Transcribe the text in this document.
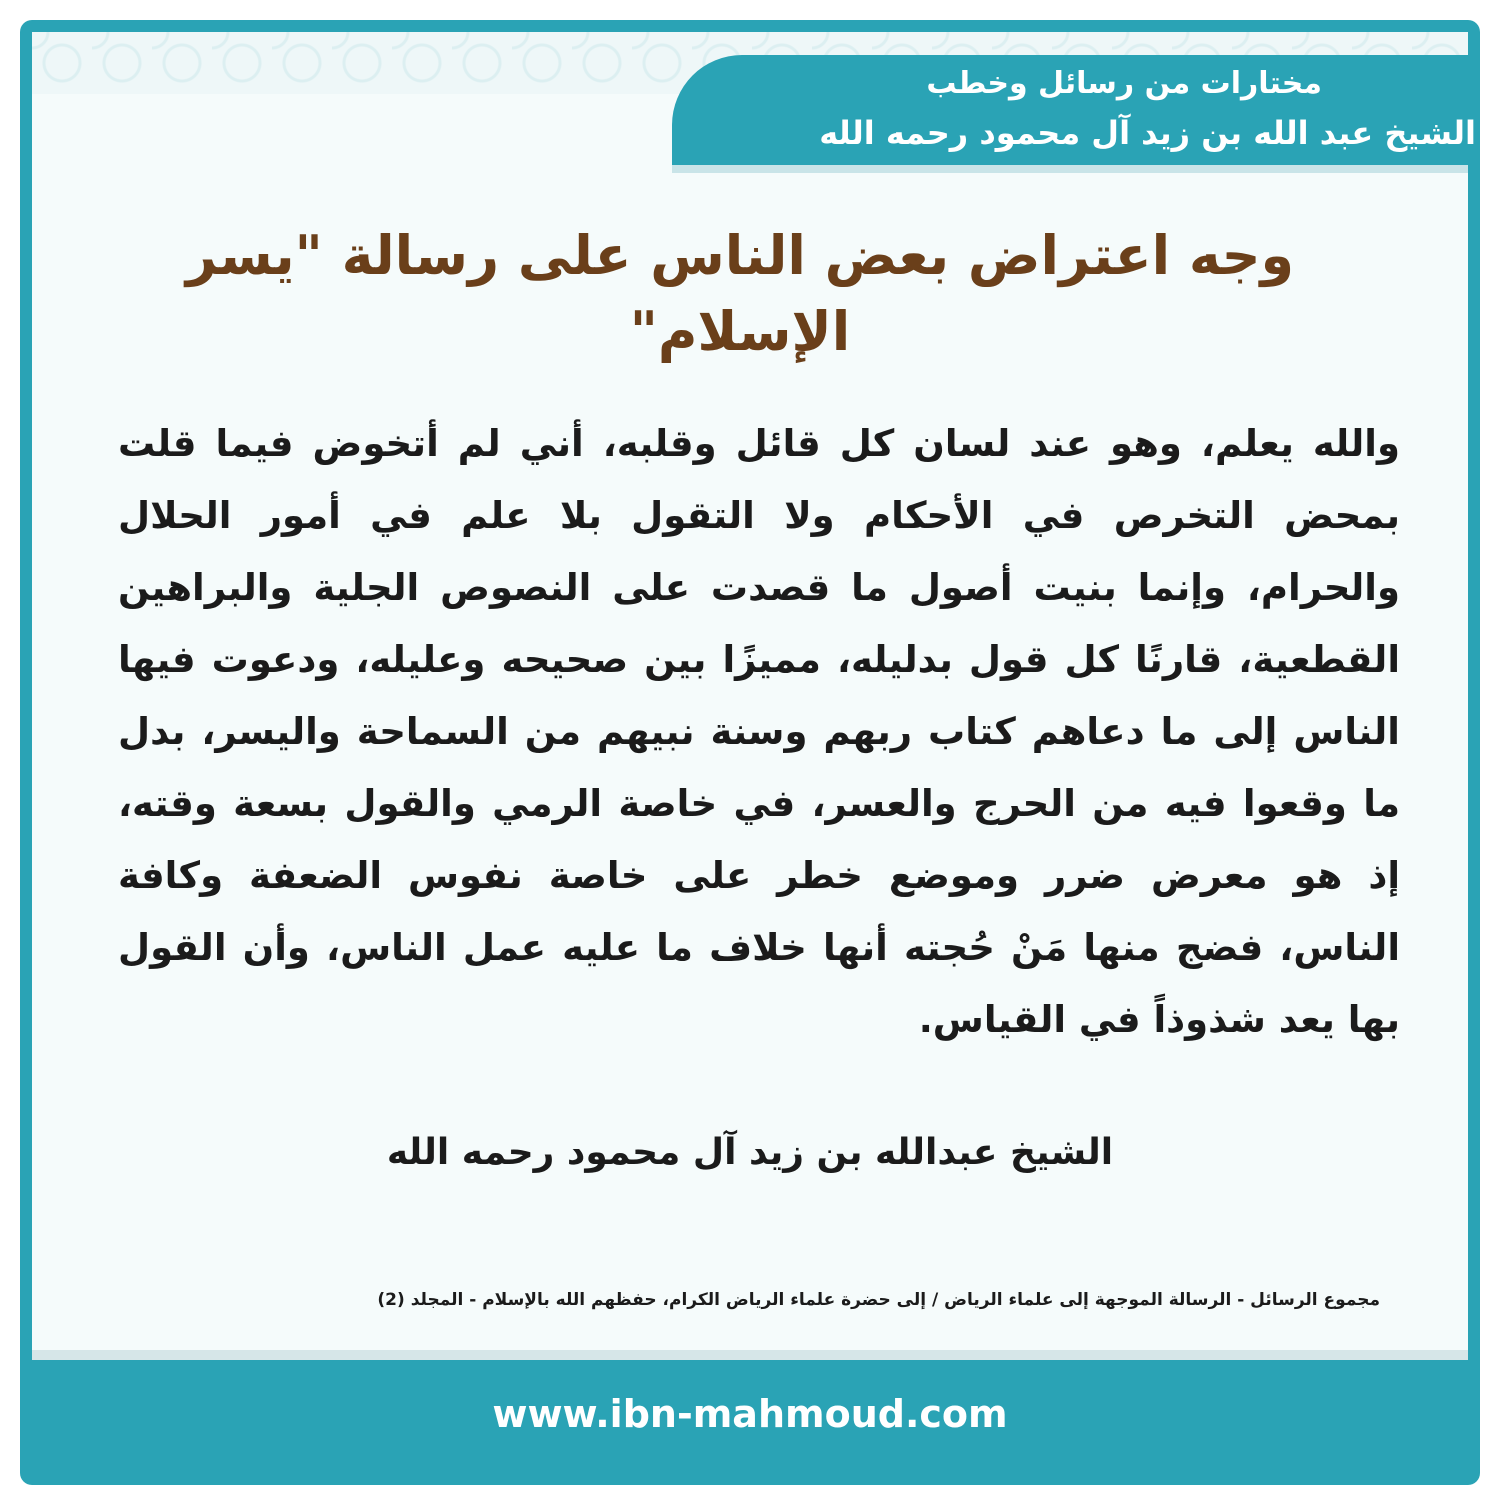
مختارات من رسائل وخطب
الشيخ عبد الله بن زيد آل محمود رحمه الله
وجه اعتراض بعض الناس على رسالة "يسر الإسلام"

والله يعلم، وهو عند لسان كل قائل وقلبه، أني لم أتخوض فيما قلت بمحض التخرص في الأحكام ولا التقول بلا علم في أمور الحلال والحرام، وإنما بنيت أصول ما قصدت على النصوص الجلية والبراهين القطعية، قارنًا كل قول بدليله، مميزًا بين صحيحه وعليله، ودعوت فيها الناس إلى ما دعاهم كتاب ربهم وسنة نبيهم من السماحة واليسر، بدل ما وقعوا فيه من الحرج والعسر، في خاصة الرمي والقول بسعة وقته، إذ هو معرض ضرر وموضع خطر على خاصة نفوس الضعفة وكافة الناس، فضج منها مَنْ حُجته أنها خلاف ما عليه عمل الناس، وأن القول بها يعد شذوذاً في القياس.

الشيخ عبدالله بن زيد آل محمود رحمه الله

مجموع الرسائل - الرسالة الموجهة إلى علماء الرياض / إلى حضرة علماء الرياض الكرام، حفظهم الله بالإسلام - المجلد (2)

www.ibn-mahmoud.com
